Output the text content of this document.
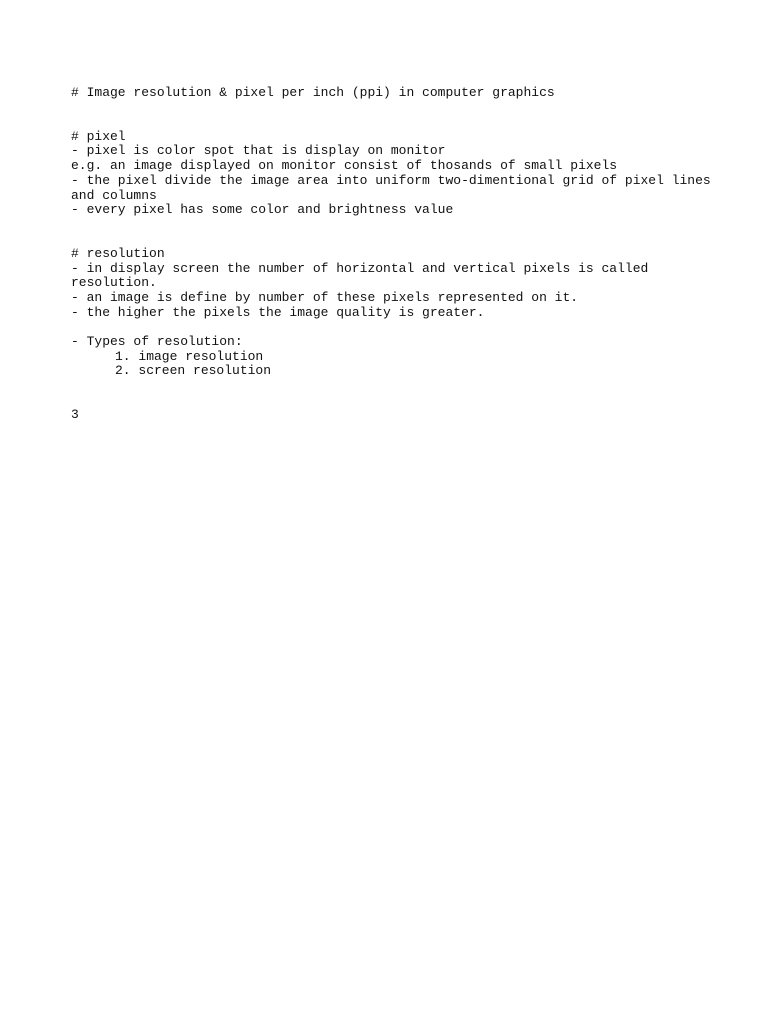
# Image resolution & pixel per inch (ppi) in computer graphics
# pixel
- pixel is color spot that is display on monitor
e.g. an image displayed on monitor consist of thosands of small pixels
- the pixel divide the image area into uniform two-dimentional grid of pixel lines
and columns
- every pixel has some color and brightness value
# resolution
- in display screen the number of horizontal and vertical pixels is called
resolution.
- an image is define by number of these pixels represented on it.
- the higher the pixels the image quality is greater.
- Types of resolution:
1. image resolution
2. screen resolution
3
